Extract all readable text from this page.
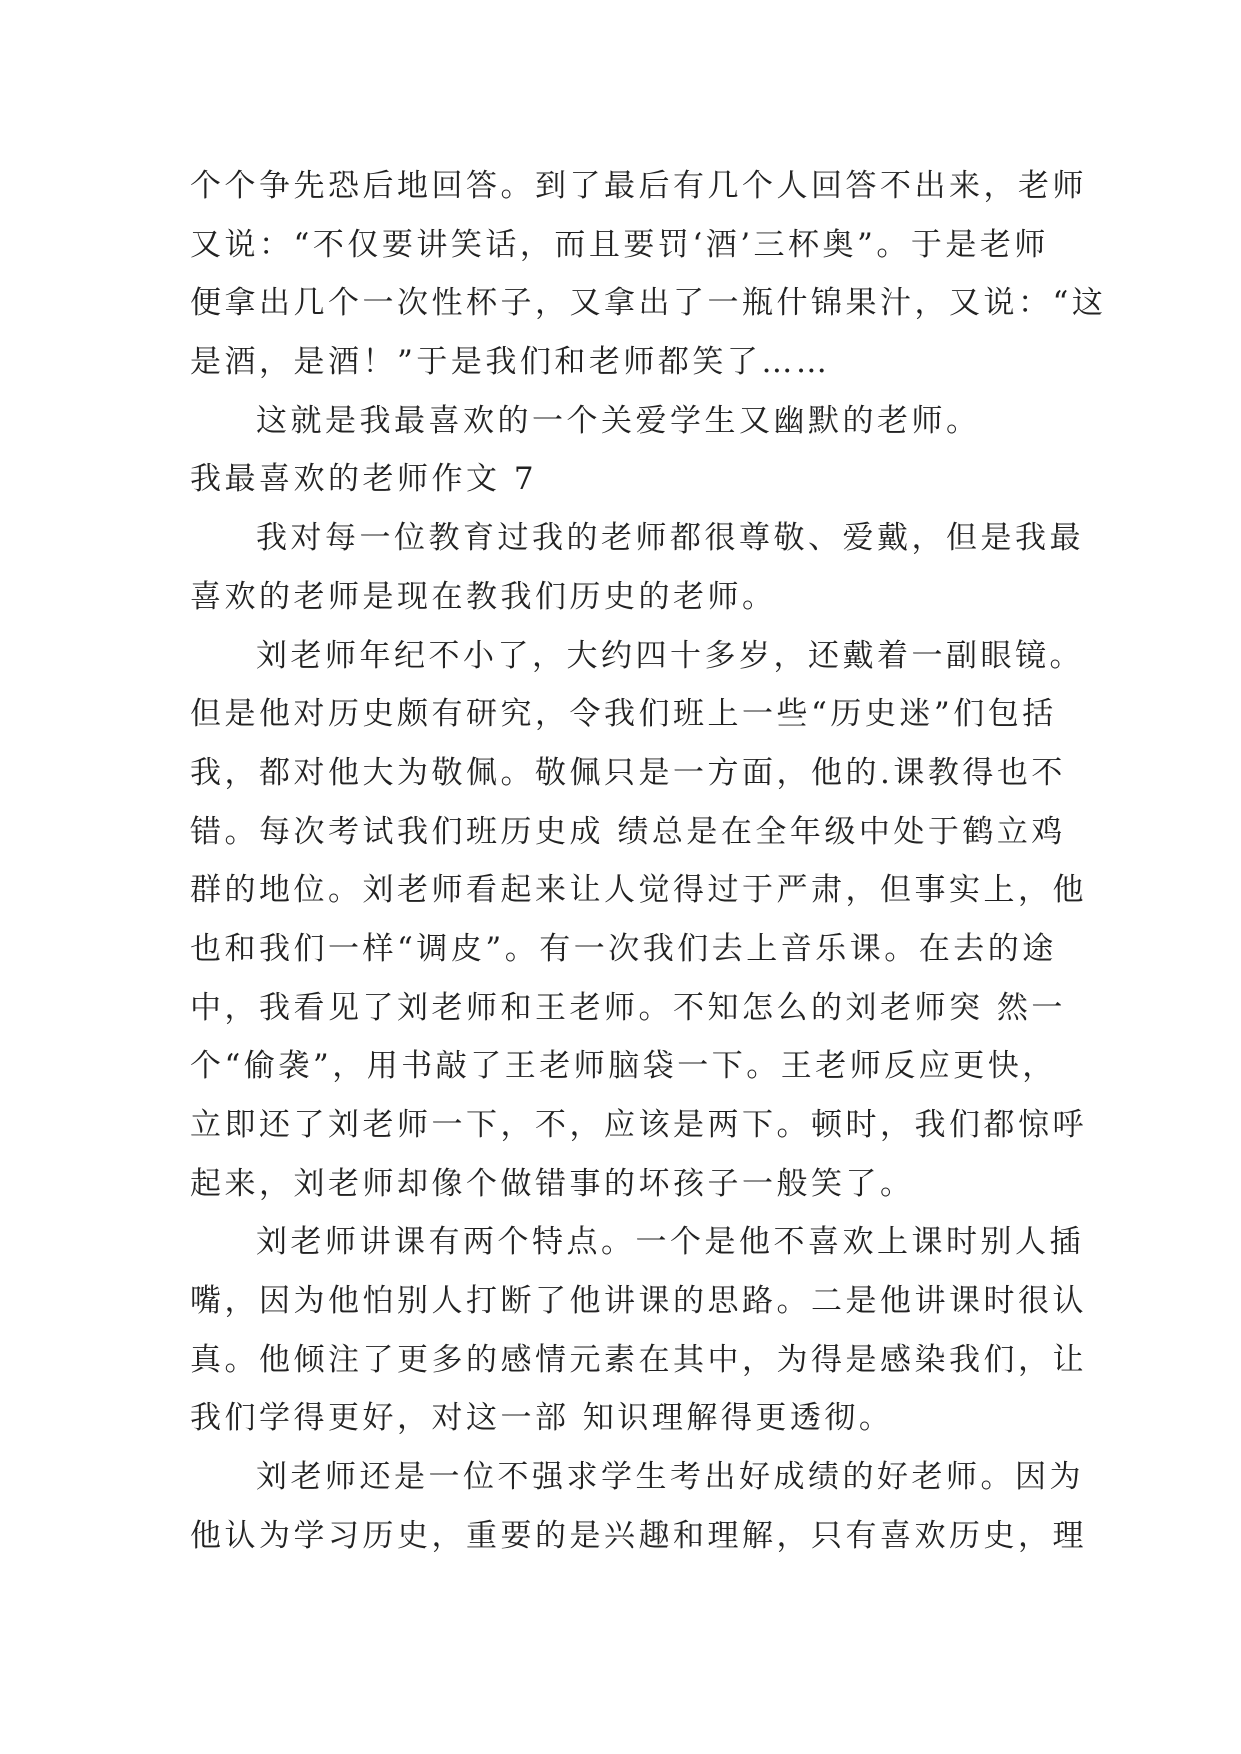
个个争先恐后地回答。到了最后有几个人回答不出来，老师
又说：“不仅要讲笑话，而且要罚‘酒’三杯奥”。于是老师
便拿出几个一次性杯子，又拿出了一瓶什锦果汁，又说：“这
是酒，是酒！”于是我们和老师都笑了……
这就是我最喜欢的一个关爱学生又幽默的老师。
我最喜欢的老师作文 7
我对每一位教育过我的老师都很尊敬、爱戴，但是我最
喜欢的老师是现在教我们历史的老师。
刘老师年纪不小了，大约四十多岁，还戴着一副眼镜。
但是他对历史颇有研究，令我们班上一些“历史迷”们包括
我，都对他大为敬佩。敬佩只是一方面，他的.课教得也不
错。每次考试我们班历史成 绩总是在全年级中处于鹤立鸡
群的地位。刘老师看起来让人觉得过于严肃，但事实上，他
也和我们一样“调皮”。有一次我们去上音乐课。在去的途
中，我看见了刘老师和王老师。不知怎么的刘老师突 然一
个“偷袭”，用书敲了王老师脑袋一下。王老师反应更快，
立即还了刘老师一下，不，应该是两下。顿时，我们都惊呼
起来，刘老师却像个做错事的坏孩子一般笑了。
刘老师讲课有两个特点。一个是他不喜欢上课时别人插
嘴，因为他怕别人打断了他讲课的思路。二是他讲课时很认
真。他倾注了更多的感情元素在其中，为得是感染我们，让
我们学得更好，对这一部 知识理解得更透彻。
刘老师还是一位不强求学生考出好成绩的好老师。因为
他认为学习历史，重要的是兴趣和理解，只有喜欢历史，理
